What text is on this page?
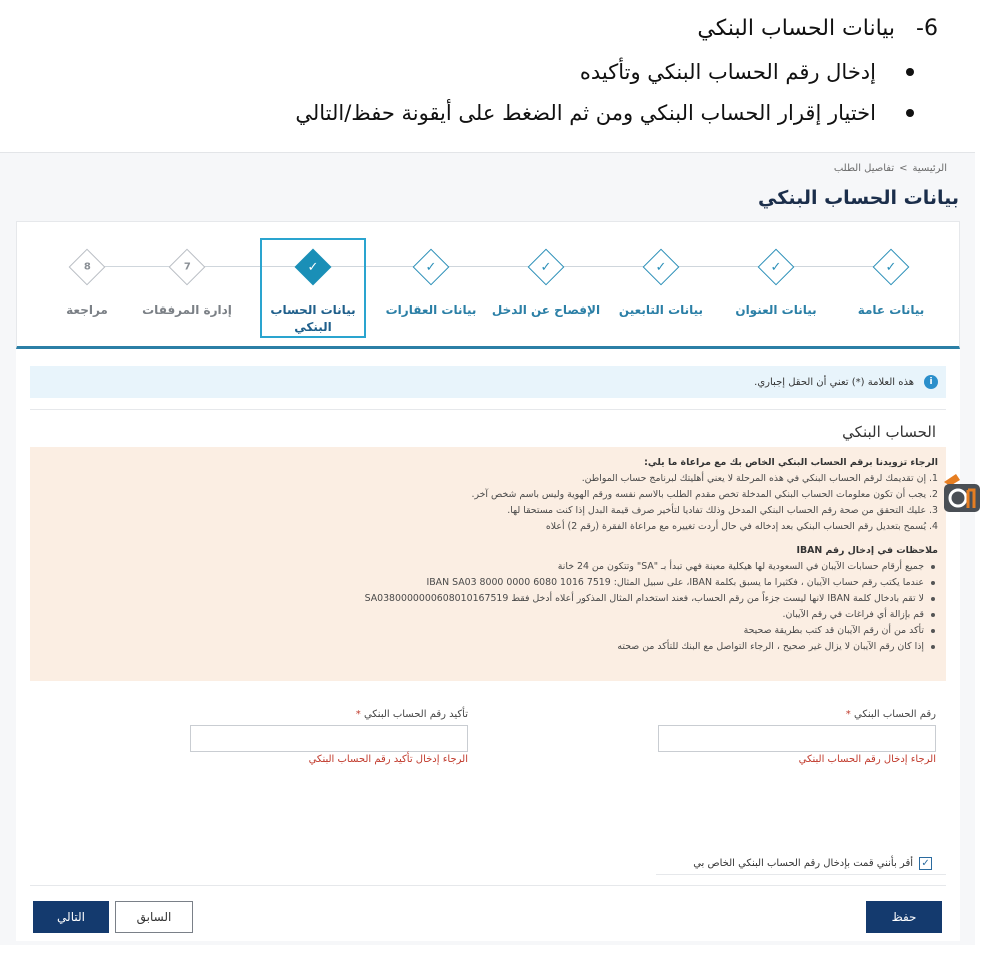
6- بيانات الحساب البنكي
إدخال رقم الحساب البنكي وتأكيده
اختيار إقرار الحساب البنكي ومن ثم الضغط على أيقونة حفظ/التالي
الرئيسية
>
تفاصيل الطلب
بيانات الحساب البنكي
✓
بيانات عامة
✓
بيانات العنوان
✓
بيانات التابعين
✓
الإفصاح عن الدخل
✓
بيانات العقارات
✓
بيانات الحساب البنكي
7
إدارة المرفقات
8
مراجعة
i
هذه العلامة (*) تعني أن الحقل إجباري.
الحساب البنكي
الرجاء تزويدنا برقم الحساب البنكي الخاص بك مع مراعاة ما يلي:
1. إن تقديمك لرقم الحساب البنكي في هذه المرحلة لا يعني أهليتك لبرنامج حساب المواطن.
2. يجب أن تكون معلومات الحساب البنكي المدخلة تخص مقدم الطلب بالاسم نفسه ورقم الهوية وليس باسم شخص آخر.
3. عليك التحقق من صحة رقم الحساب البنكي المدخل وذلك تفاديا لتأخير صرف قيمة البدل إذا كنت مستحقا لها.
4. يُسمح بتعديل رقم الحساب البنكي بعد إدخاله في حال أردت تغييره مع مراعاة الفقرة (رقم 2) أعلاه
ملاحظات في إدخال رقم IBAN
جميع أرقام حسابات الآيبان في السعودية لها هيكلية معينة فهي تبدأ بـ "SA" وتتكون من 24 خانة
عندما يكتب رقم حساب الآيبان ، فكثيرا ما يسبق بكلمة IBAN، على سبيل المثال: IBAN SA03 8000 0000 6080 1016 7519
لا تقم بادخال كلمة IBAN لانها ليست جزءاً من رقم الحساب، فعند استخدام المثال المذكور أعلاه أدخل فقط SA0380000000608010167519
قم بإزالة أي فراغات في رقم الآيبان.
تأكد من أن رقم الآيبان قد كتب بطريقة صحيحة
إذا كان رقم الآيبان لا يزال غير صحيح ، الرجاء التواصل مع البنك للتأكد من صحته
رقم الحساب البنكي *
الرجاء إدخال رقم الحساب البنكي
تأكيد رقم الحساب البنكي *
الرجاء إدخال تأكيد رقم الحساب البنكي
✓
أقر بأنني قمت بإدخال رقم الحساب البنكي الخاص بي
حفظ
السابق
التالي
